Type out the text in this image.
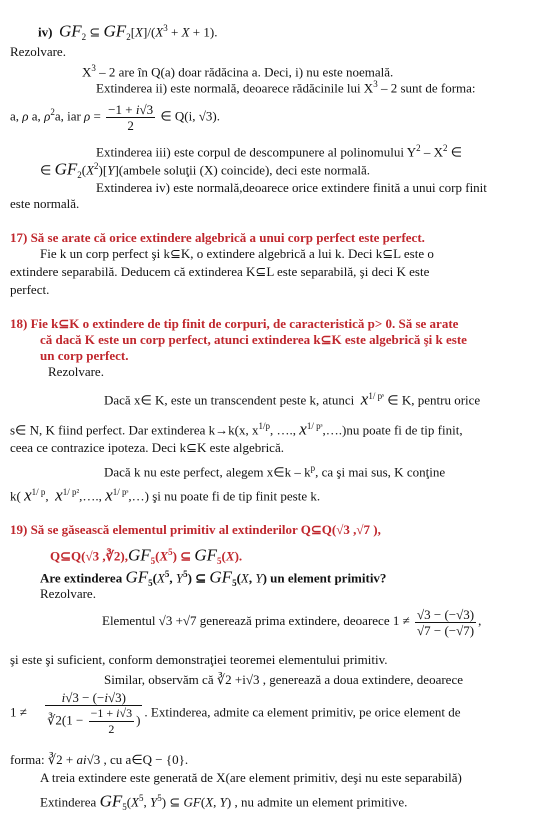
iv) $GF_2$ ⊆ $GF_2[X]/(X^3 + X + 1)$.
Rezolvare.
$X^3 - 2$ are în Q(a) doar rădăcina a. Deci, i) nu este noemală.
Extinderea ii) este normală, deoarece rădăcinile lui $X^3 - 2$ sunt de forma:
a, ρ a, $\rho^2a$, iar $\rho = \frac{-1 + i√3}{2}$ ∈ Q(i, √3).
Extinderea iii) este corpul de descompunere al polinomului $Y^2 - X^2$ ∈
∈ $GF_2(X^2)[Y](ambele$ soluţii (X) coincide), deci este normală.
Extinderea iv) este normală,deoarece orice extindere finită a unui corp finit
este normală.
17) Să se arate că orice extindere algebrică a unui corp perfect este perfect.
Fie k un corp perfect şi k⊆K, o extindere algebrică a lui k. Deci k⊆L este o
extindere separabilă. Deducem că extinderea K⊆L este separabilă, şi deci K este
perfect.
18) Fie k⊆K o extindere de tip finit de corpuri, de caracteristică p> 0. Să se arate
că dacă K este un corp perfect, atunci extinderea k⊆K este algebrică şi k este
un corp perfect.
Rezolvare.
Dacă x∈ K, este un transcendent peste k, atunci  $x^{1/ pˢ}$ ∈ K, pentru orice
s∈ N, K fiind perfect. Dar extinderea k→k(x, $x^{1/p}$, …., $x^{1/ pˢ},\dots.)nu$ poate fi de tip finit,
ceea ce contrazice ipoteza. Deci k⊆K este algebrică.
Dacă k nu este perfect, alegem x∈k – $k^p$, ca şi mai sus, K conţine
k( $x^{1/ p}$,  $x^{1/ p^2},\dots$., $x^{1/ pˢ},\dots$) şi nu poate fi de tip finit peste k.
19) Să se găsească elementul primitiv al extinderilor Q⊆Q(√3 ,√7 ),
Q⊆Q(√3 $,∛2),GF_5(X^5)$ ⊆ $GF_5(X)$.
Are extinderea $GF_5(X^5$, $Y^5$) ⊆ $GF_5(X$, Y) un element primitiv?
Rezolvare.
Elementul √3 +√7 generează prima extindere, deoarece $1 \ne \frac{√3 - (-√3)}{√7 - (-√7)}$ ,
şi este şi suficient, conform demonstraţiei teoremei elementului primitiv.
Similar, observăm că ∛2 +i√3 , generează a doua extindere, deoarece
$1 \ne \frac{i√3 - (-i√3)}{∛2(1 - \frac{-1 + i√3}{2} )}$ . Extinderea, admite ca element primitiv, pe orice element de
forma: ∛2 + ai√3 , cu a∈Q − {0}.
A treia extindere este generată de X(are element primitiv, deşi nu este separabilă)
Extinderea $GF_5(X^5$, $Y^5$) ⊆ GF(X, Y) , nu admite un element primitive.
